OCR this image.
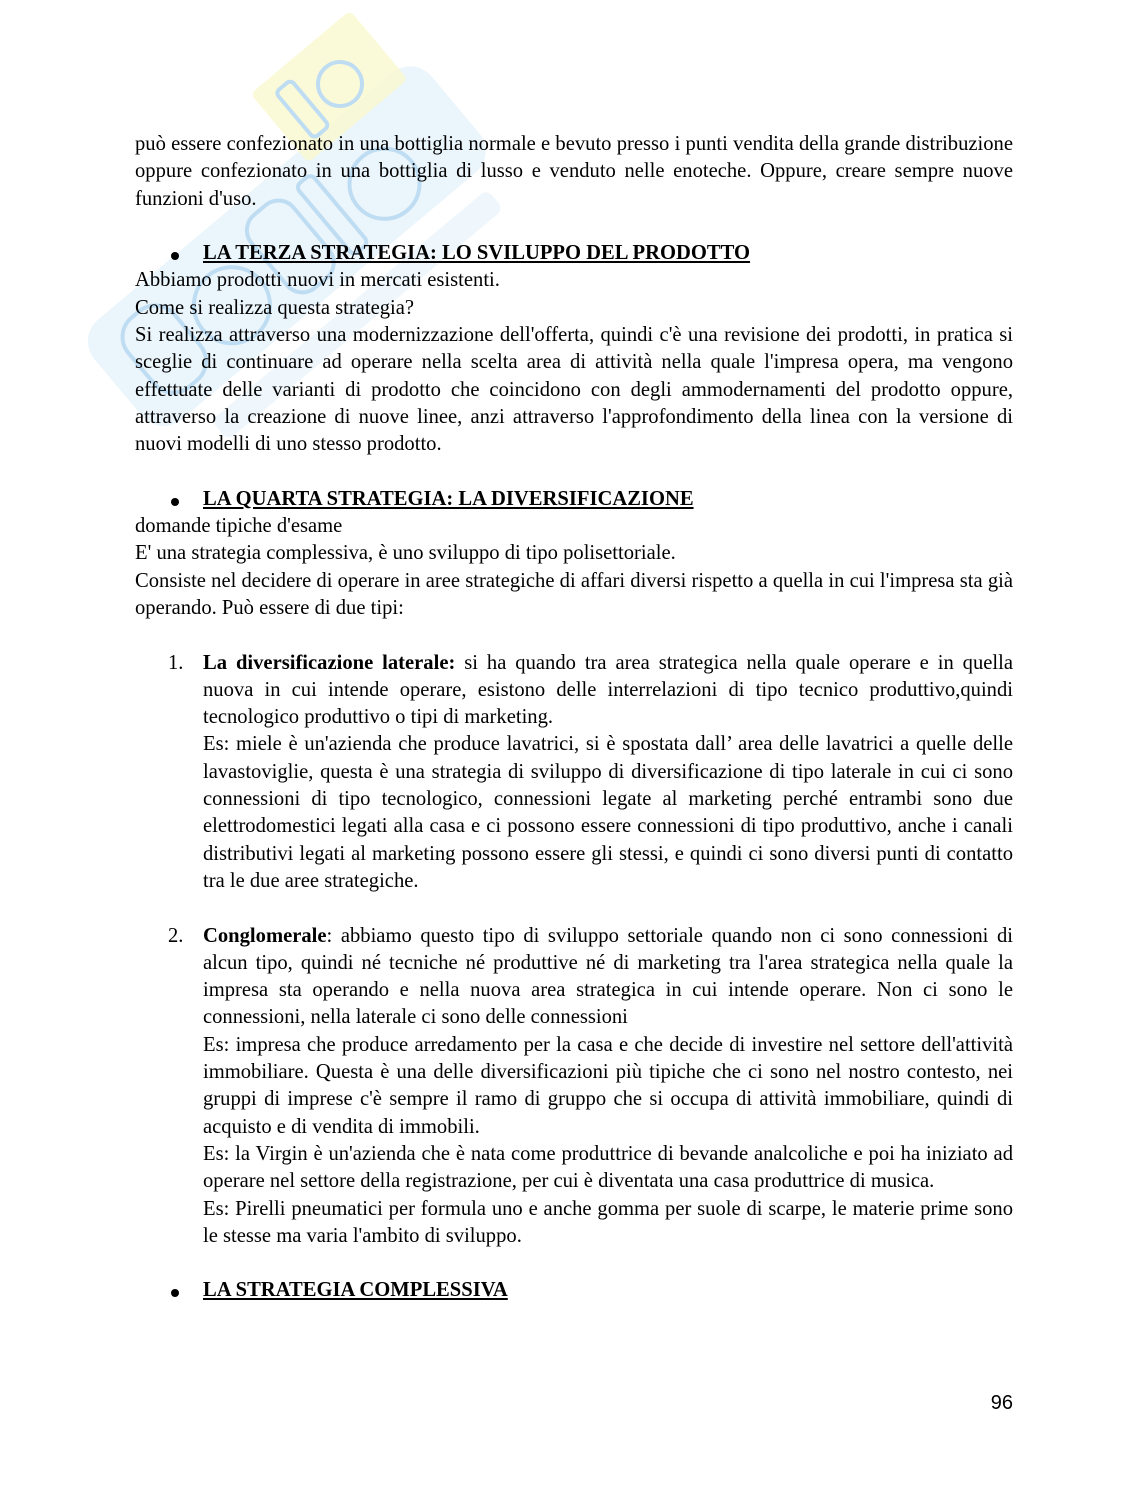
può essere confezionato in una bottiglia normale e bevuto presso i punti vendita della grande distribuzione oppure confezionato in una bottiglia di lusso e venduto nelle enoteche. Oppure, creare sempre nuove funzioni d'uso.

LA TERZA STRATEGIA: LO SVILUPPO DEL PRODOTTO

Abbiamo prodotti nuovi in mercati esistenti.

Come si realizza questa strategia?

Si realizza attraverso una modernizzazione dell'offerta, quindi c'è una revisione dei prodotti, in pratica si sceglie di continuare ad operare nella scelta area di attività nella quale l'impresa opera, ma vengono effettuate delle varianti di prodotto che coincidono con degli ammodernamenti del prodotto oppure, attraverso la creazione di nuove linee, anzi attraverso l'approfondimento della linea con la versione di nuovi modelli di uno stesso prodotto.

LA QUARTA STRATEGIA: LA DIVERSIFICAZIONE

domande tipiche d'esame

E' una strategia complessiva, è uno sviluppo di tipo polisettoriale.

Consiste nel decidere di operare in aree strategiche di affari diversi rispetto a quella in cui l'impresa sta già operando. Può essere di due tipi:

1. La diversificazione laterale: si ha quando tra area strategica nella quale operare e in quella nuova in cui intende operare, esistono delle interrelazioni di tipo tecnico produttivo,quindi tecnologico produttivo o tipi di marketing.

Es: miele è un'azienda che produce lavatrici, si è spostata dall’ area delle lavatrici a quelle delle lavastoviglie, questa è una strategia di sviluppo di diversificazione di tipo laterale in cui ci sono connessioni di tipo tecnologico, connessioni legate al marketing perché entrambi sono due elettrodomestici legati alla casa e ci possono essere connessioni di tipo produttivo, anche i canali distributivi legati al marketing possono essere gli stessi, e quindi ci sono diversi punti di contatto tra le due aree strategiche.

2. Conglomerale: abbiamo questo tipo di sviluppo settoriale quando non ci sono connessioni di alcun tipo, quindi né tecniche né produttive né di marketing tra l'area strategica nella quale la impresa sta operando e nella nuova area strategica in cui intende operare. Non ci sono le connessioni, nella laterale ci sono delle connessioni

Es: impresa che produce arredamento per la casa e che decide di investire nel settore dell'attività immobiliare. Questa è una delle diversificazioni più tipiche che ci sono nel nostro contesto, nei gruppi di imprese c'è sempre il ramo di gruppo che si occupa di attività immobiliare, quindi di acquisto e di vendita di immobili.

Es: la Virgin è un'azienda che è nata come produttrice di bevande analcoliche e poi ha iniziato ad operare nel settore della registrazione, per cui è diventata una casa produttrice di musica.

Es: Pirelli pneumatici per formula uno e anche gomma per suole di scarpe, le materie prime sono le stesse ma varia l'ambito di sviluppo.

LA STRATEGIA COMPLESSIVA
96
